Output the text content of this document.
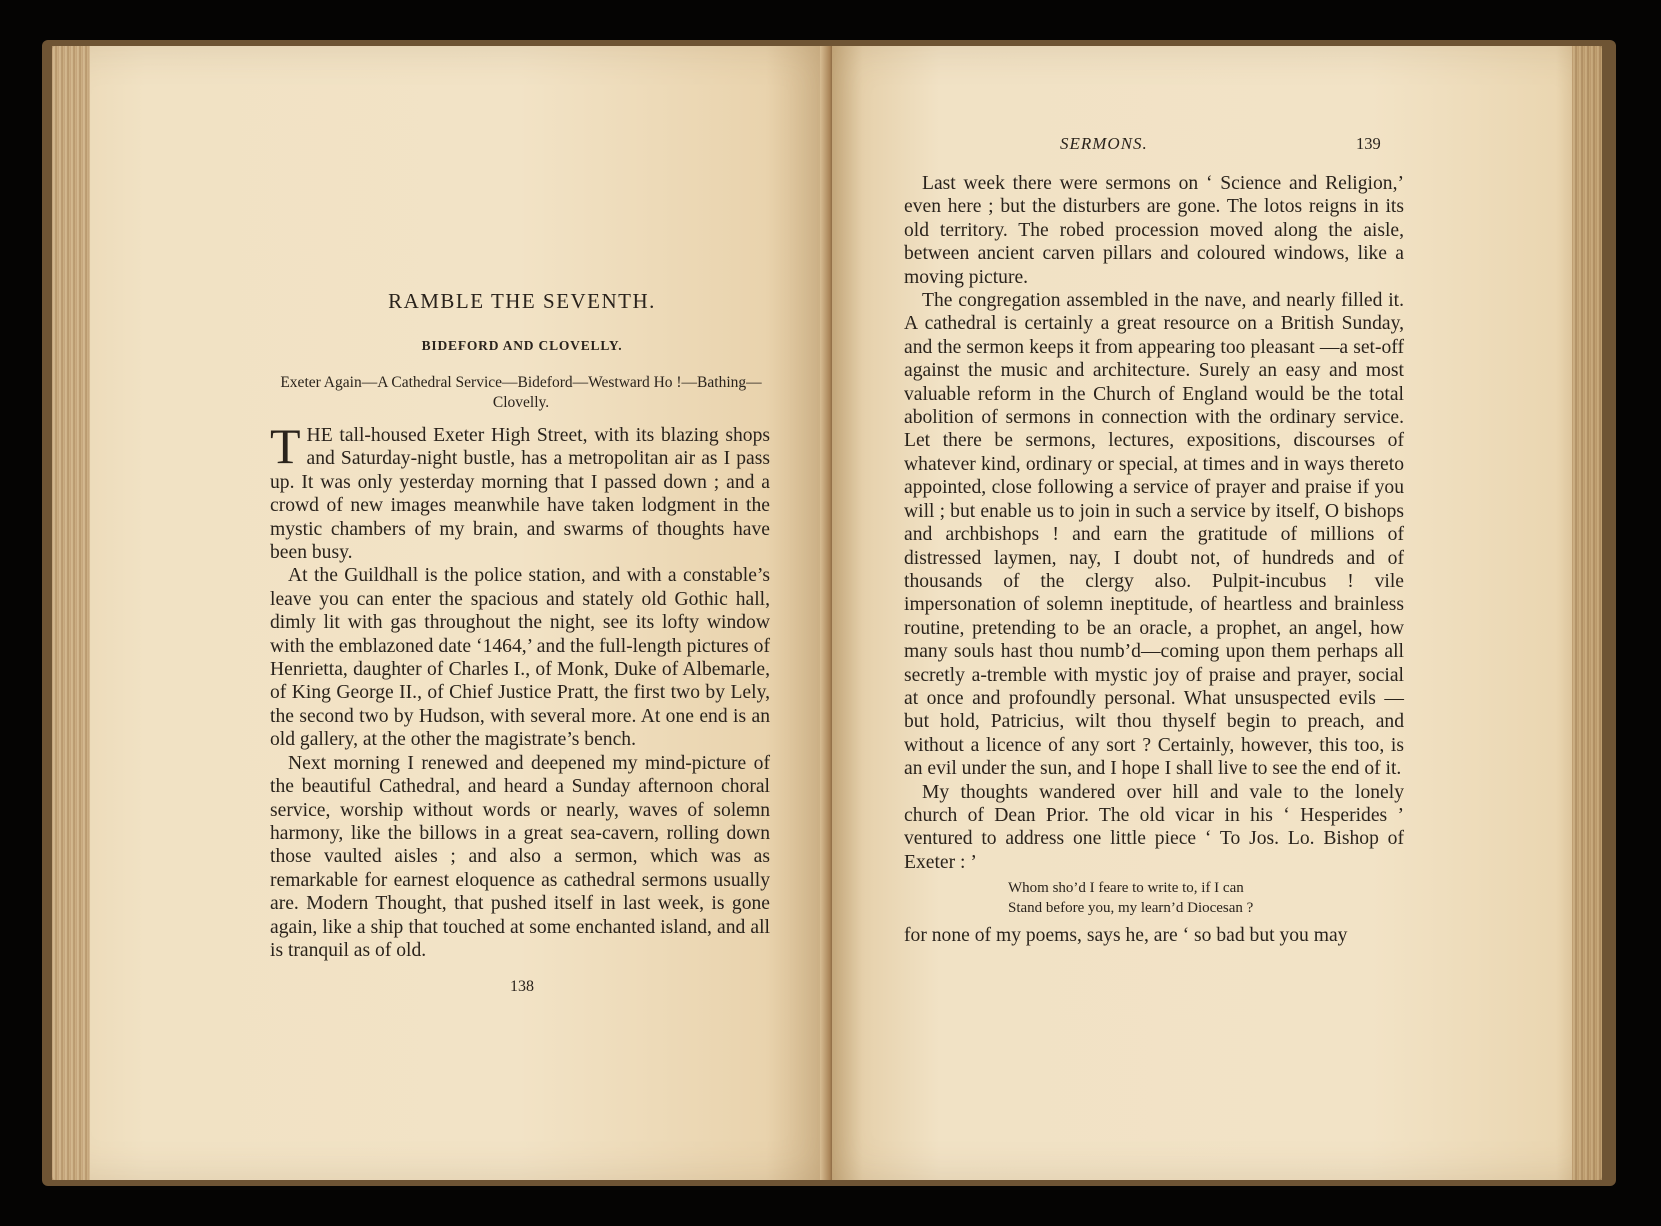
RAMBLE THE SEVENTH.
BIDEFORD AND CLOVELLY.
Exeter Again—A Cathedral Service—Bideford—Westward Ho !—Bathing—Clovelly.

THE tall-housed Exeter High Street, with its blazing shops and Saturday-night bustle, has a metropolitan air as I pass up. It was only yesterday morning that I passed down ; and a crowd of new images meanwhile have taken lodgment in the mystic chambers of my brain, and swarms of thoughts have been busy.

At the Guildhall is the police station, and with a constable’s leave you can enter the spacious and stately old Gothic hall, dimly lit with gas throughout the night, see its lofty window with the emblazoned date ‘1464,’ and the full-length pictures of Henrietta, daughter of Charles I., of Monk, Duke of Albemarle, of King George II., of Chief Justice Pratt, the first two by Lely, the second two by Hudson, with several more. At one end is an old gallery, at the other the magistrate’s bench.

Next morning I renewed and deepened my mind-picture of the beautiful Cathedral, and heard a Sunday afternoon choral service, worship without words or nearly, waves of solemn harmony, like the billows in a great sea-cavern, rolling down those vaulted aisles ; and also a sermon, which was as remarkable for earnest eloquence as cathedral sermons usually are. Modern Thought, that pushed itself in last week, is gone again, like a ship that touched at some enchanted island, and all is tranquil as of old.

138
SERMONS.	139

Last week there were sermons on ‘ Science and Religion,’ even here ; but the disturbers are gone. The lotos reigns in its old territory. The robed procession moved along the aisle, between ancient carven pillars and coloured windows, like a moving picture.

The congregation assembled in the nave, and nearly filled it. A cathedral is certainly a great resource on a British Sunday, and the sermon keeps it from appearing too pleasant —a set-off against the music and architecture. Surely an easy and most valuable reform in the Church of England would be the total abolition of sermons in connection with the ordinary service. Let there be sermons, lectures, expositions, discourses of whatever kind, ordinary or special, at times and in ways thereto appointed, close following a service of prayer and praise if you will ; but enable us to join in such a service by itself, O bishops and archbishops ! and earn the gratitude of millions of distressed laymen, nay, I doubt not, of hundreds and of thousands of the clergy also. Pulpit-incubus ! vile impersonation of solemn ineptitude, of heartless and brainless routine, pretending to be an oracle, a prophet, an angel, how many souls hast thou numb’d—coming upon them perhaps all secretly a-tremble with mystic joy of praise and prayer, social at once and profoundly personal. What unsuspected evils — but hold, Patricius, wilt thou thyself begin to preach, and without a licence of any sort ? Certainly, however, this too, is an evil under the sun, and I hope I shall live to see the end of it.

My thoughts wandered over hill and vale to the lonely church of Dean Prior. The old vicar in his ‘ Hesperides ’ ventured to address one little piece ‘ To Jos. Lo. Bishop of Exeter : ’

Whom sho’d I feare to write to, if I can
Stand before you, my learn’d Diocesan ?

for none of my poems, says he, are ‘ so bad but you may
